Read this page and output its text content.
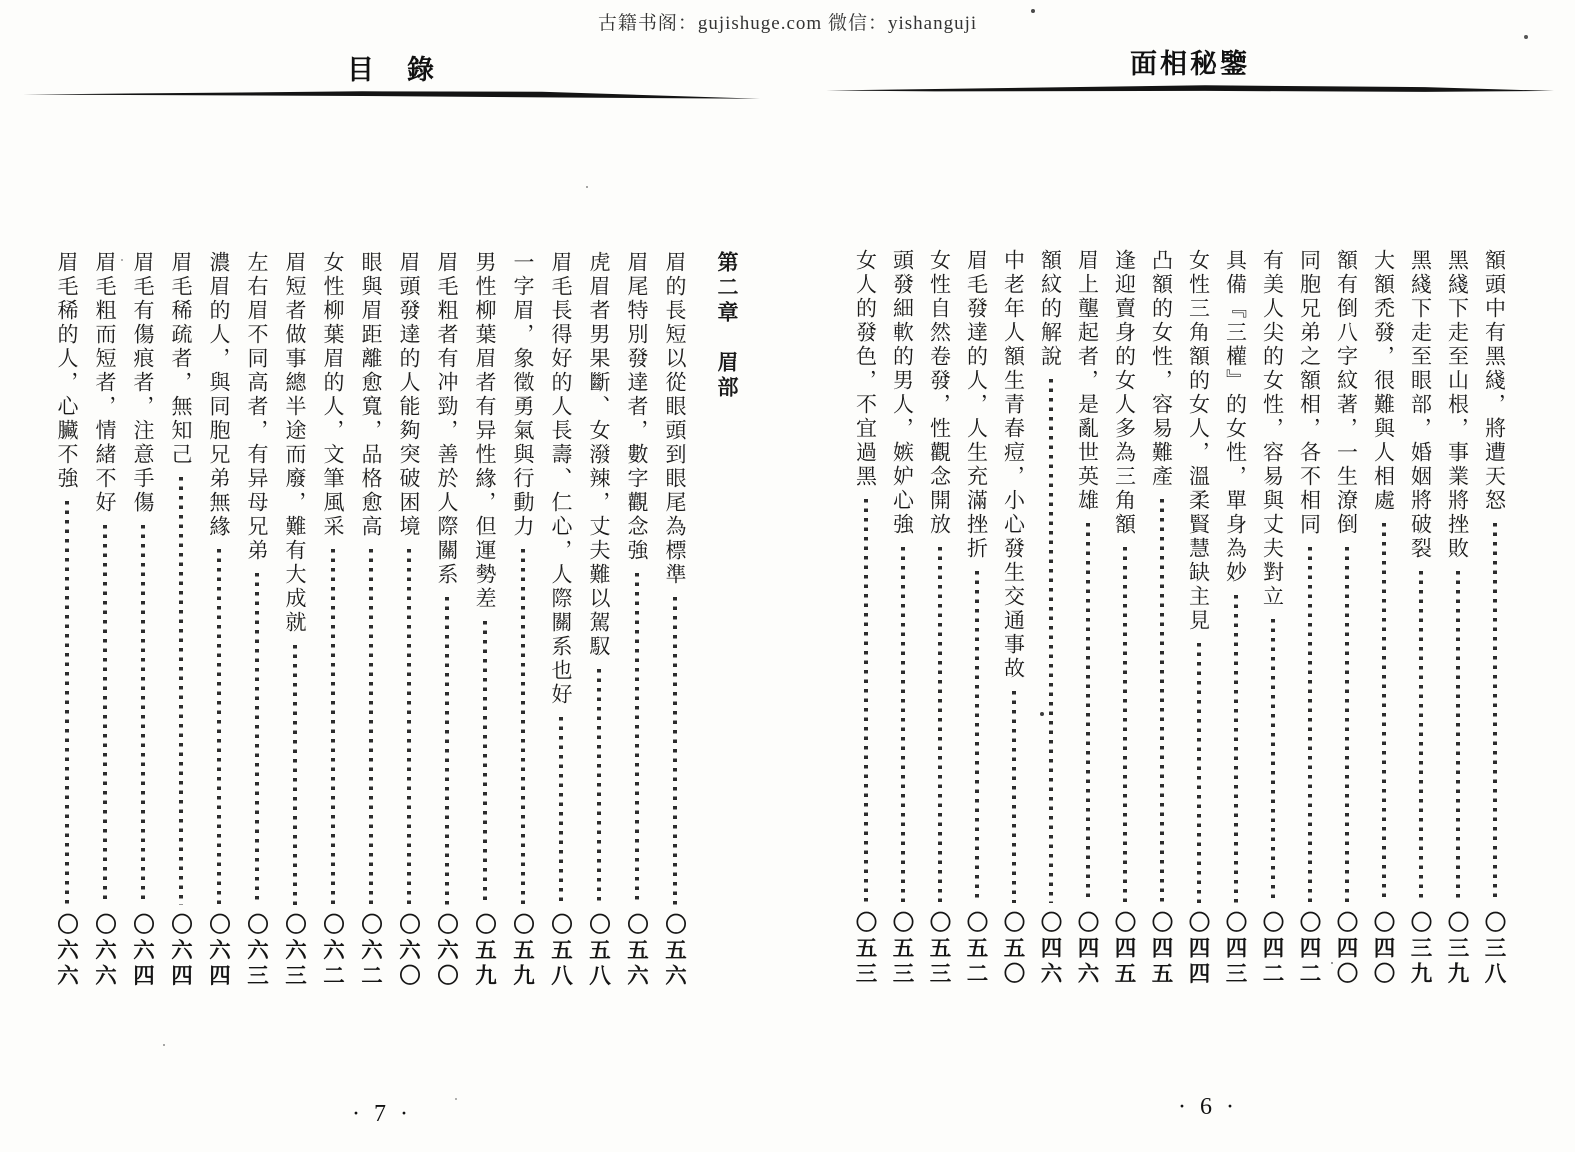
古籍书阁：gujishuge.com 微信：yishanguji
目　錄
第二章　眉部
眉的長短以從眼頭到眼尾為標準
〇五六
眉尾特別發達者，數字觀念強
〇五六
虎眉者男果斷、女潑辣，丈夫難以駕馭
〇五八
眉毛長得好的人長壽、仁心，人際關系也好
〇五八
一字眉，象徵勇氣與行動力
〇五九
男性柳葉眉者有异性緣，但運勢差
〇五九
眉毛粗者有冲勁，善於人際關系
〇六〇
眉頭發達的人能夠突破困境
〇六〇
眼與眉距離愈寬，品格愈高
〇六二
女性柳葉眉的人，文筆風采
〇六二
眉短者做事總半途而廢，難有大成就
〇六三
左右眉不同高者，有异母兄弟
〇六三
濃眉的人，與同胞兄弟無緣
〇六四
眉毛稀疏者，無知己
〇六四
眉毛有傷痕者，注意手傷
〇六四
眉毛粗而短者，情緒不好
〇六六
眉毛稀的人，心臟不強
〇六六
面相秘鑒
額頭中有黑綫，將遭天怒
〇三八
黑綫下走至山根，事業將挫敗
〇三九
黑綫下走至眼部，婚姻將破裂
〇三九
大額禿發，很難與人相處
〇四〇
額有倒八字紋著，一生潦倒
〇四〇
同胞兄弟之額相，各不相同
〇四二
有美人尖的女性，容易與丈夫對立
〇四二
具備『三權』的女性，單身為妙
〇四三
女性三角額的女人，溫柔賢慧缺主見
〇四四
凸額的女性，容易難產
〇四五
逢迎賣身的女人多為三角額
〇四五
眉上壟起者，是亂世英雄
〇四六
額紋的解說
〇四六
中老年人額生青春痘，小心發生交通事故
〇五〇
眉毛發達的人，人生充滿挫折
〇五二
女性自然卷發，性觀念開放
〇五三
頭發細軟的男人，嫉妒心強
〇五三
女人的發色，不宜過黑
〇五三
· 7 ·	· 6 ·
